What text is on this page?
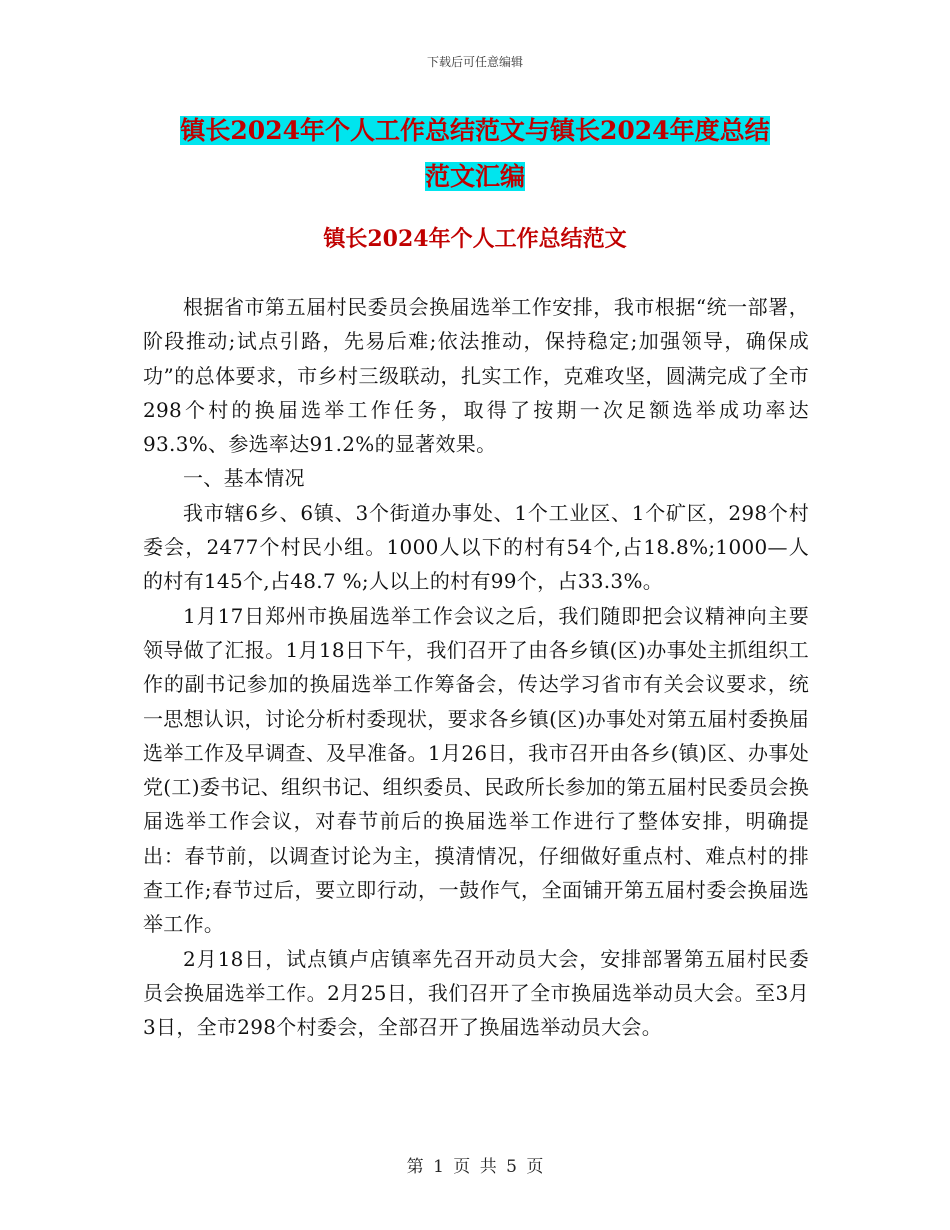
下载后可任意编辑
镇长2024年个人工作总结范文与镇长2024年度总结
范文汇编
镇长2024年个人工作总结范文

根据省市第五届村民委员会换届选举工作安排，我市根据“统一部署，阶段推动;试点引路，先易后难;依法推动，保持稳定;加强领导，确保成功”的总体要求，市乡村三级联动，扎实工作，克难攻坚，圆满完成了全市298个村的换届选举工作任务，取得了按期一次足额选举成功率达93.3%、参选率达91.2%的显著效果。

一、基本情况

我市辖6乡、6镇、3个街道办事处、1个工业区、1个矿区，298个村委会，2477个村民小组。1000人以下的村有54个,占18.8%;1000—人的村有145个,占48.7 %;人以上的村有99个，占33.3%。

1月17日郑州市换届选举工作会议之后，我们随即把会议精神向主要领导做了汇报。1月18日下午，我们召开了由各乡镇(区)办事处主抓组织工作的副书记参加的换届选举工作筹备会，传达学习省市有关会议要求，统一思想认识，讨论分析村委现状，要求各乡镇(区)办事处对第五届村委换届选举工作及早调查、及早准备。1月26日，我市召开由各乡(镇)区、办事处党(工)委书记、组织书记、组织委员、民政所长参加的第五届村民委员会换届选举工作会议，对春节前后的换届选举工作进行了整体安排，明确提出：春节前，以调查讨论为主，摸清情况，仔细做好重点村、难点村的排查工作;春节过后，要立即行动，一鼓作气，全面铺开第五届村委会换届选举工作。

2月18日，试点镇卢店镇率先召开动员大会，安排部署第五届村民委员会换届选举工作。2月25日，我们召开了全市换届选举动员大会。至3月3日，全市298个村委会，全部召开了换届选举动员大会。

第 1 页 共 5 页
